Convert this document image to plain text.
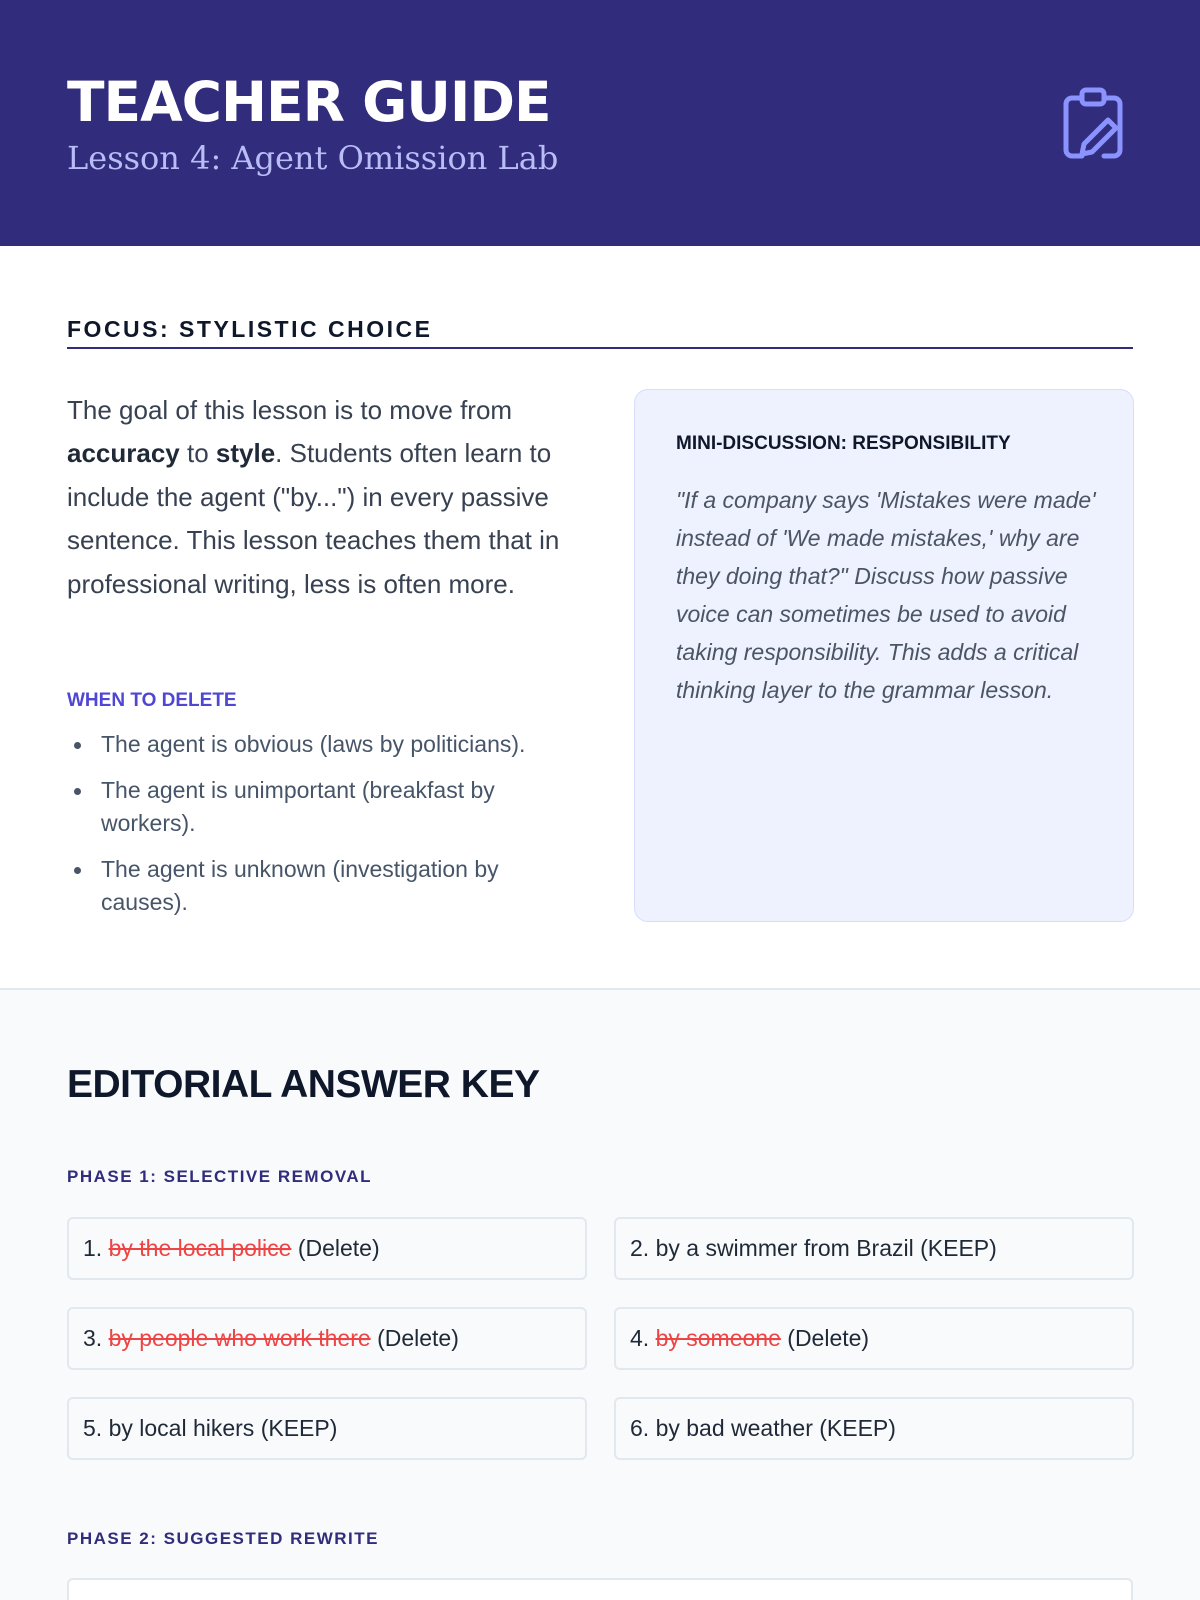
TEACHER GUIDE
Lesson 4: Agent Omission Lab
FOCUS: STYLISTIC CHOICE

The goal of this lesson is to move from accuracy to style. Students often learn to include the agent ("by...") in every passive sentence. This lesson teaches them that in professional writing, less is often more.

WHEN TO DELETE
The agent is obvious (laws by politicians).
The agent is unimportant (breakfast by workers).
The agent is unknown (investigation by causes).
MINI-DISCUSSION: RESPONSIBILITY

"If a company says 'Mistakes were made' instead of 'We made mistakes,' why are they doing that?" Discuss how passive voice can sometimes be used to avoid taking responsibility. This adds a critical thinking layer to the grammar lesson.

EDITORIAL ANSWER KEY
PHASE 1: SELECTIVE REMOVAL
1. by the local police (Delete)	2. by a swimmer from Brazil (KEEP)
3. by people who work there (Delete)	4. by someone (Delete)
5. by local hikers (KEEP)	6. by bad weather (KEEP)
PHASE 2: SUGGESTED REWRITE
